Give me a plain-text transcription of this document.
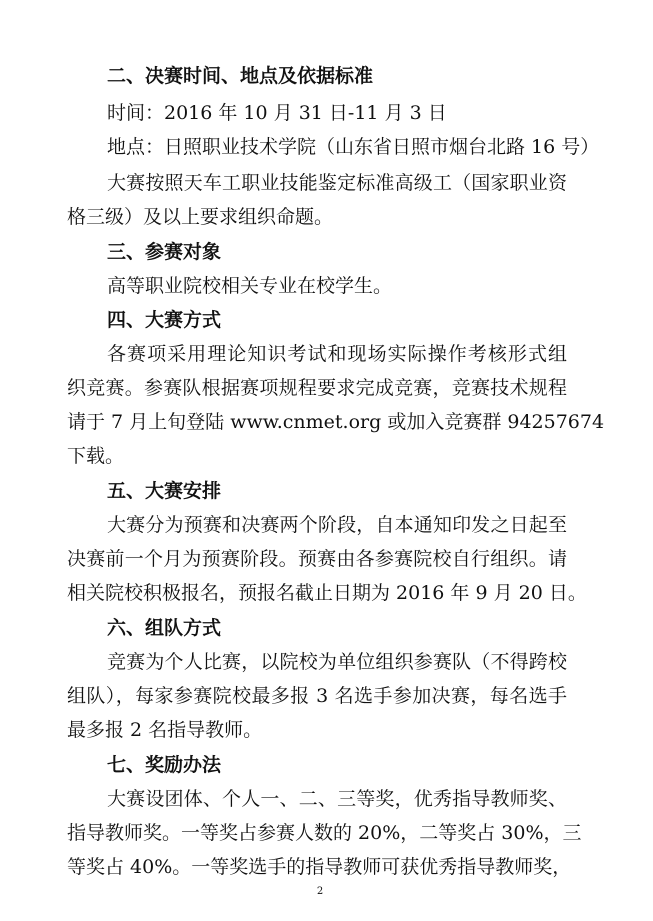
二、决赛时间、地点及依据标准
时间：2016 年 10 月 31 日-11 月 3 日
地点：日照职业技术学院（山东省日照市烟台北路 16 号）
大赛按照天车工职业技能鉴定标准高级工（国家职业资
格三级）及以上要求组织命题。
三、参赛对象
高等职业院校相关专业在校学生。
四、大赛方式
各赛项采用理论知识考试和现场实际操作考核形式组
织竞赛。参赛队根据赛项规程要求完成竞赛，竞赛技术规程
请于 7 月上旬登陆 www.cnmet.org 或加入竞赛群 94257674
下载。
五、大赛安排
大赛分为预赛和决赛两个阶段，自本通知印发之日起至
决赛前一个月为预赛阶段。预赛由各参赛院校自行组织。请
相关院校积极报名，预报名截止日期为 2016 年 9 月 20 日。
六、组队方式
竞赛为个人比赛，以院校为单位组织参赛队（不得跨校
组队），每家参赛院校最多报 3 名选手参加决赛，每名选手
最多报 2 名指导教师。
七、奖励办法
大赛设团体、个人一、二、三等奖，优秀指导教师奖、
指导教师奖。一等奖占参赛人数的 20%，二等奖占 30%，三
等奖占 40%。一等奖选手的指导教师可获优秀指导教师奖，
2
